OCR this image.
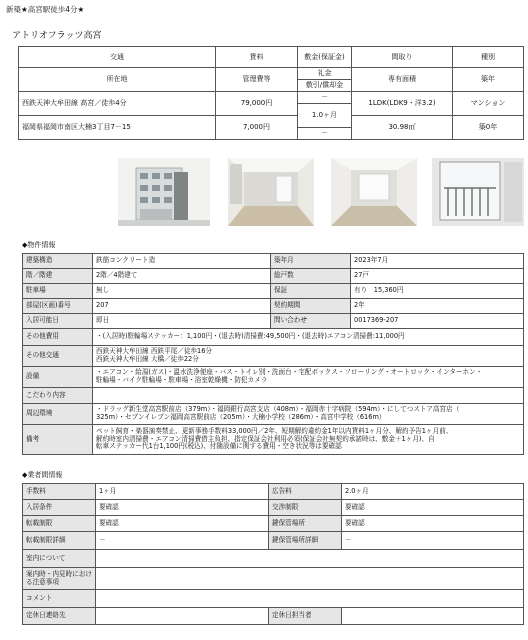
新築★高宮駅徒歩4分★
アトリオフラッツ高宮
交通	賃料	敷金(保証金)	間取り	種別
所在地	管理費等	礼金	専有面積	築年
		敷引/償却金		
西鉄天神大牟田線 高宮／徒歩4分	79,000円	－	1LDK(LDK9・洋3.2)	マンション
		1.0ヶ月		
福岡県福岡市南区大楠3丁目7－15	7,000円		30.98㎡	築0年
		－		
◆物件情報
建築構造	鉄筋コンクリート造	築年月	2023年7月
階／階建	2階／4階建て	総戸数	27戸
駐車場	無し	保証	有り　15,360円
部屋(区画)番号	207	契約期間	2年
入居可能日	即日	問い合わせ	0017369-207
その他費用	・(入居時)駐輪場ステッカー：1,100円・(退去時)清掃費:49,500円・(退去時)エアコン清掃費:11,000円		
その他交通	西鉄天神大牟田線 西鉄平尾／徒歩16分
西鉄天神大牟田線 大橋／徒歩22分		

設備	・エアコン・給湯(ガス)・温水洗浄便座・バス・トイレ別・洗面台・宅配ボックス・フローリング・オートロック・インターホン・
駐輪場・バイク駐輪場・駐車場・浴室乾燥機・防犯カメラ		

こだわり内容			
周辺環境	・ドラッグ新生堂高宮駅前店（379m）・福岡銀行高宮支店（408m）・福岡赤十字病院（594m）・にしてつストア高宮店（
325m）・セブンイレブン福岡高宮駅前店（205m）・大楠小学校（286m）・高宮中学校（616m）		

備考	ペット飼育・楽器演奏禁止、更新事務手数料33,000円／2年、短期解約違約金1年以内賃料1ヶ月分、解約予告1ヶ月前、
解約時室内清掃費・エアコン清掃費借主負担、指定保証会社利用必須(保証会社無契約承諾時は、敷金＋1ヶ月)、自
転車ステッカー代1台1,100円(税込)、付随設備に関する費用・空き状況等は要確認		
◆業者間情報
手数料	1ヶ月	広告料	2.0ヶ月
入居条件	要確認	交渉制限	要確認
転載制限	要確認	鍵保管場所	要確認
転載制限詳細	－	鍵保管場所詳細	－
室内について			
案内時・内見時における注意事項			
コメント			
定休日連絡先		定休日担当者	
